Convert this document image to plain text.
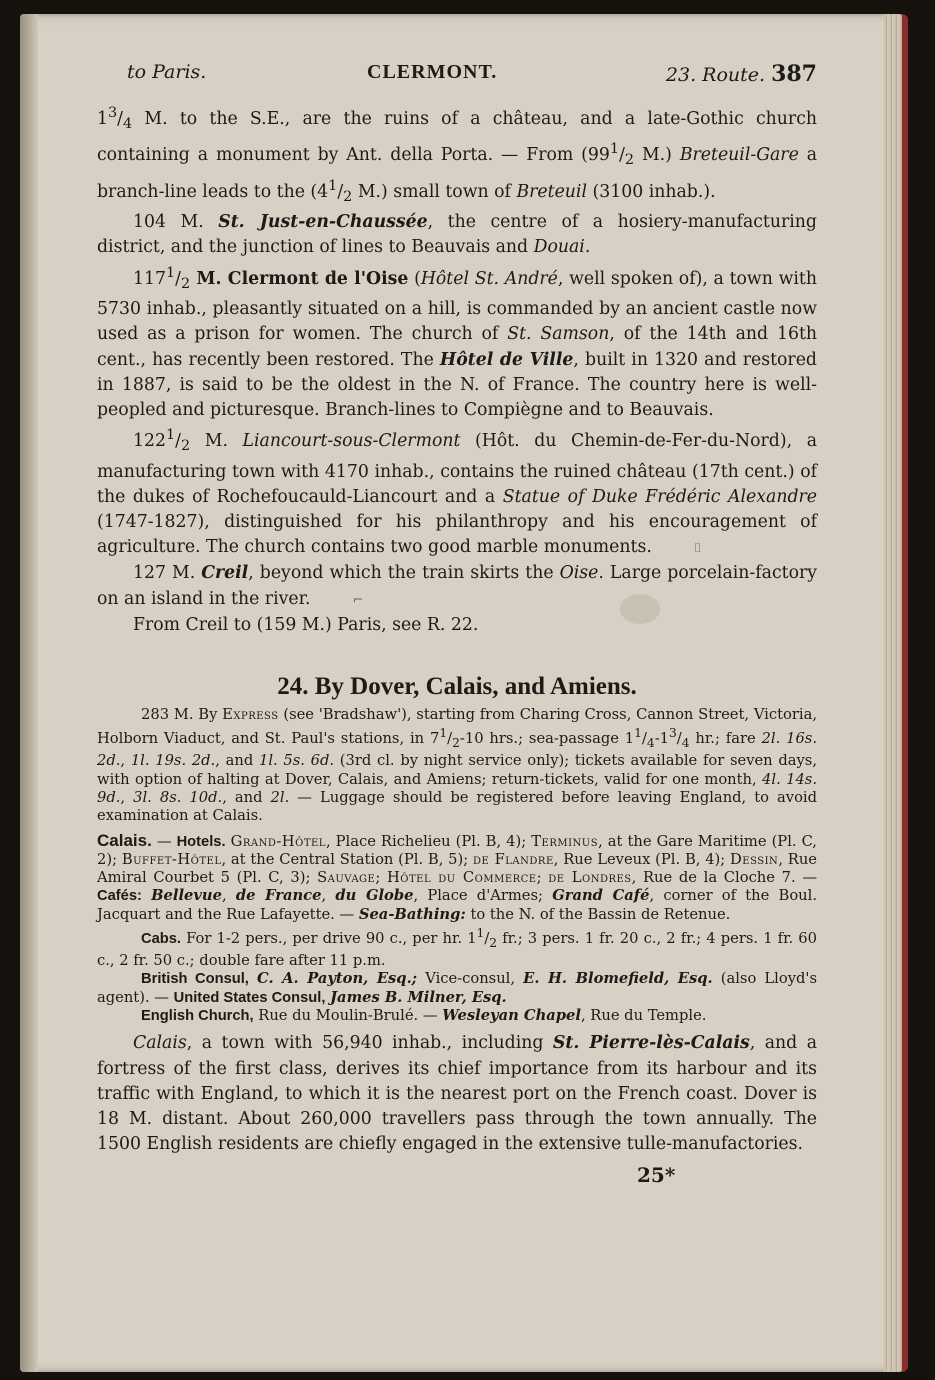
to Paris.	CLERMONT.	23. Route. 387

$1^3/_4$ M. to the S.E., are the ruins of a château, and a late-Gothic church containing a monument by Ant. della Porta. — From ($99^1/_2$ M.) Breteuil-Gare a branch-line leads to the ($4^1/_2$ M.) small town of Breteuil (3100 inhab.).

104 M. St. Just-en-Chaussée, the centre of a hosiery-manufacturing district, and the junction of lines to Beauvais and Douai.

$117^1/_2$ M. Clermont de l'Oise (Hôtel St. André, well spoken of), a town with 5730 inhab., pleasantly situated on a hill, is commanded by an ancient castle now used as a prison for women. The church of St. Samson, of the 14th and 16th cent., has recently been restored. The Hôtel de Ville, built in 1320 and restored in 1887, is said to be the oldest in the N. of France. The country here is well-peopled and picturesque. Branch-lines to Compiègne and to Beauvais.

$122^1/_2$ M. Liancourt-sous-Clermont (Hôt. du Chemin-de-Fer-du-Nord), a manufacturing town with 4170 inhab., contains the ruined château (17th cent.) of the dukes of Rochefoucauld-Liancourt and a Statue of Duke Frédéric Alexandre (1747-1827), distinguished for his philanthropy and his encouragement of agriculture. The church contains two good marble monuments.	⌷

127 M. Creil, beyond which the train skirts the Oise. Large porcelain-factory on an island in the river.	⌐

From Creil to (159 M.) Paris, see R. 22.

24. By Dover, Calais, and Amiens.

283 M. By Express (see 'Bradshaw'), starting from Charing Cross, Cannon Street, Victoria, Holborn Viaduct, and St. Paul's stations, in $7^1/_2-10$ hrs.; sea-passage $1^1/_4-1^3/_4$ hr.; fare 2l. 16s. 2d., 1l. 19s. 2d., and 1l. 5s. 6d. (3rd cl. by night service only); tickets available for seven days, with option of halting at Dover, Calais, and Amiens; return-tickets, valid for one month, 4l. 14s. 9d., 3l. 8s. 10d., and 2l. — Luggage should be registered before leaving England, to avoid examination at Calais.

Calais. — Hotels. Grand-Hôtel, Place Richelieu (Pl. B, 4); Terminus, at the Gare Maritime (Pl. C, 2); Buffet-Hôtel, at the Central Station (Pl. B, 5); de Flandre, Rue Leveux (Pl. B, 4); Dessin, Rue Amiral Courbet 5 (Pl. C, 3); Sauvage; Hôtel du Commerce; de Londres, Rue de la Cloche 7. — Cafés: Bellevue, de France, du Globe, Place d'Armes; Grand Café, corner of the Boul. Jacquart and the Rue Lafayette. — Sea-Bathing: to the N. of the Bassin de Retenue.

Cabs. For 1-2 pers., per drive 90 c., per hr. $1^1/_2$ fr.; 3 pers. 1 fr. 20 c., 2 fr.; 4 pers. 1 fr. 60 c., 2 fr. 50 c.; double fare after 11 p.m.

British Consul, C. A. Payton, Esq.; Vice-consul, E. H. Blomefield, Esq. (also Lloyd's agent). — United States Consul, James B. Milner, Esq.

English Church, Rue du Moulin-Brulé. — Wesleyan Chapel, Rue du Temple.

Calais, a town with 56,940 inhab., including St. Pierre-lès-Calais, and a fortress of the first class, derives its chief importance from its harbour and its traffic with England, to which it is the nearest port on the French coast. Dover is 18 M. distant. About 260,000 travellers pass through the town annually. The 1500 English residents are chiefly engaged in the extensive tulle-manufactories.

25*
